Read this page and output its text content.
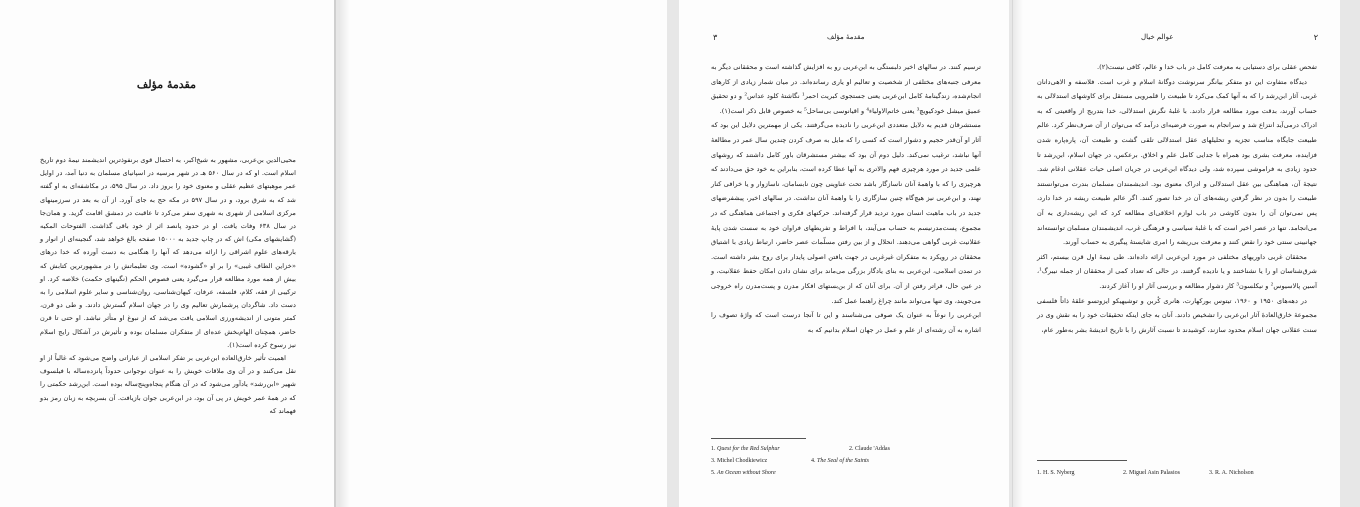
مقدمهٔ مؤلف

محیی‌الدین بن‌عربی، مشهور به شیخ‌اکبر، به احتمال قوی برنفوذترین اندیشمند نیمهٔ دوم تاریخ اسلام است. او که در سال ۵۶۰ هـ در شهر مرسیه در اسپانیای مسلمان به دنیا آمد، در اوایل عمر موهبتهای عظیم عقلی و معنوی خود را بروز داد. در سال ۵۹۵، در مکاشفه‌ای به او گفته شد که به شرق برود، و در سال ۵۹۷ در مکه حج به جای آورد. از آن به بعد در سرزمینهای مرکزی اسلامی از شهری به شهری سفر می‌کرد تا عاقبت در دمشق اقامت گزید. و همان‌جا در سال ۶۳۸ وفات یافت. او در حدود پانصد اثر از خود باقی گذاشت. الفتوحات المکیه (گشایشهای مکی) اش که در چاپ جدید به ۱۵۰۰۰ صفحه بالغ خواهد شد، گنجینه‌ای از انوار و بارقه‌های علوم اشراقی را ارائه می‌دهد که آنها را هنگامی به دست آورده که خدا درهای «خزاین الطاف غیبی» را بر او «گشوده» است. وی تعلیماتش را در مشهورترین کتابش که بیش از همه مورد مطالعه قرار می‌گیرد یعنی فصوص الحکم (نگینهای حکمت) خلاصه کرد. او ترکیبی از فقه، کلام، فلسفه، عرفان، کیهان‌شناسی، روان‌شناسی و سایر علوم اسلامی را به دست داد. شاگردان پرشمارش تعالیم وی را در جهان اسلام گسترش دادند. و طی دو قرن، کمتر متونی از اندیشه‌ورزی اسلامی یافت می‌شد که از نبوغ او متأثر نباشد. او حتی تا قرن حاضر، همچنان الهام‌بخش عده‌ای از متفکران مسلمان بوده و تأثیرش در آشکال رایج اسلام نیز رسوخ کرده است(۱).

اهمیت تأثیر خارق‌العاده ابن‌عربی بر تفکر اسلامی از عباراتی واضح می‌شود که غالباً از او نقل می‌کنند و در آن وی ملاقات خویش را به عنوان نوجوانی حدوداً پانزده‌ساله با فیلسوف شهیر «ابن‌رشد» یادآور می‌شود که در آن هنگام پنجاه‌وپنج‌ساله بوده است. ابن‌رشد حکمتی را که در همهٔ عمر خویش در پی آن بود، در ابن‌عربی جوان بازیافت. آن بسربچه به زبان رمز بدو فهماند که

۳	مقدمهٔ مؤلف

ترسیم کنند. در سالهای اخیر دلبستگی به ابن‌عربی رو به افزایش گذاشته است و محققانی دیگر به معرفی جنبه‌های مختلفی از شخصیت و تعالیم او یاری رسانده‌اند. در میان شمار زیادی از کارهای انجام‌شده، زندگینامهٔ کامل ابن‌عربی یعنی جستجوی کبریت احمر¹ نگاشتهٔ کلود عداس² و دو تحقیق عمیق میشل خودکیویچ³ یعنی خاتم‌الاولیاء⁴ و اقیانوسی بی‌ساحل⁵ به خصوص قابل ذکر است(۱).

مستشرقان قدیم به دلایل متعددی ابن‌عربی را نادیده می‌گرفتند. یکی از مهمترین دلایل این بود که آثار او آن‌قدر حجیم و دشوار است که کسی را که مایل به صرف کردن چندین سال عمر در مطالعهٔ آنها نباشد، ترغیب نمی‌کند. دلیل دوم آن بود که بیشتر مستشرقان باور کامل داشتند که روشهای علمی جدید در مورد هرچیزی فهم والاتری به آنها عطا کرده است، بنابراین به خود حق می‌دادند که هرچیزی را که با واهمهٔ آنان ناسازگار باشد تحت عناوینی چون نابسامان، ناسازوار و یا خرافی کنار نهند، و ابن‌عربی نیز هیچ‌گاه چنین سازگاری را با واهمهٔ آنان نداشت. در سالهای اخیر، پیشفرضهای جدید در باب ماهیت انسان مورد تردید قرار گرفته‌اند. حرکتهای فکری و اجتماعی هماهنگی که در مجموع، پست‌مدرنیسم به حساب می‌آیند، با افراط و تفریطهای فراوان خود به سست شدن پایهٔ عقلانیت غربی گواهی می‌دهند. انحلال و از بین رفتن مسلّمات عصر حاضر، ارتباط زیادی با اشتیاق محققان در رویکرد به متفکران غیرغربی در جهت یافتن اصولی پایدار برای روح بشر داشته است. در تمدن اسلامی، ابن‌عربی به بنای یادگار بزرگی می‌ماند برای نشان دادن امکان حفظ عقلانیت، و در عین حال، فراتر رفتن از آن. برای آنان که از بن‌بستهای افکار مدرن و پست‌مدرن راه خروجی می‌جویند، وی تنها می‌تواند مانند چراغ راهنما عمل کند.

ابن‌عربی را نوعاً به عنوان یک صوفی می‌شناسند و این تا آنجا درست است که واژهٔ تصوف را اشاره به آن رشته‌ای از علم و عمل در جهان اسلام بدانیم که به

1. Quest for the Red Sulphur	2. Claude 'Addas
3. Michel Chodkiewicz	4. The Seal of the Saints
5. An Ocean without Shore
عوالم خیال	۲

تفحص عقلی برای دستیابی به معرفت کامل در باب خدا و عالم، کافی نیست(۲).

دیدگاه متفاوت این دو متفکر بیانگر سرنوشت دوگانهٔ اسلام و غرب است. فلاسفه و الاهی‌دانان غربی، آثار ابن‌رشد را که به آنها کمک می‌کرد تا طبیعت را قلمرویی مستقل برای کاوشهای استدلالی به حساب آورند، بدقت مورد مطالعه قرار دادند. با غلبهٔ نگرش استدلالی، خدا بتدریج از واقعیتی که به ادراک درمی‌آید انتزاع شد و سرانجام به صورت فرضیه‌ای درآمد که می‌توان از آن صرف‌نظر کرد. عالم طبیعت جایگاه مناسب تجزیه و تحلیلهای عقل استدلالی تلقی گشت و طبیعت آن، پاره‌پاره شدن فزاینده، معرفت بشری بود همراه با جدایی کامل علم و اخلاق. برعکس، در جهان اسلام، ابن‌رشد تا حدود زیادی به فراموشی سپرده شد، ولی دیدگاه ابن‌عربی در جریان اصلی حیات عقلانی ادغام شد. نتیجهٔ آن، هماهنگی بین عقل استدلالی و ادراک معنوی بود. اندیشمندان مسلمان بندرت می‌توانستند طبیعت را بدون در نظر گرفتن ریشه‌های آن در خدا تصور کنند. اگر عالم طبیعت ریشه در خدا دارد، پس نمی‌توان آن را بدون کاوشی در باب لوازم اخلاقی‌ای مطالعه کرد که این ریشه‌داری به آن می‌انجامد. تنها در عصر اخیر است که با غلبهٔ سیاسی و فرهنگی غرب، اندیشمندان مسلمان توانسته‌اند جهانبینی سنتی خود را نقض کنند و معرفت بی‌ریشه را امری شایستهٔ پیگیری به حساب آورند.

محققان غربی داوریهای مختلفی در مورد ابن‌عربی ارائه داده‌اند. طی نیمهٔ اول قرن بیستم، اکثر شرق‌شناسان او را یا نشناختند و یا نادیده گرفتند. در حالی که تعداد کمی از محققان از جمله نیبرگ¹، آسین پالاسیوس² و نیکلسون³ کار دشوار مطالعه و بررسی آثار او را آغاز کردند.

در دهه‌های ۱۹۵۰ و ۱۹۶۰، تیتوس بورکهارت، هانری کُربن و توشیهیکو ایزوتسو علقهٔ ذاتاً فلسفی مجموعهٔ خارق‌العادهٔ آثار ابن‌عربی را تشخیص دادند. آنان به جای اینکه تحقیقات خود را به نقش وی در سنت عقلانی جهان اسلام محدود سازند، کوشیدند تا نسبت آثارش را با تاریخ اندیشهٔ بشر به‌طور عام،

1. H. S. Nyberg	2. Miguel Asin Palasios	3. R. A. Nicholson
